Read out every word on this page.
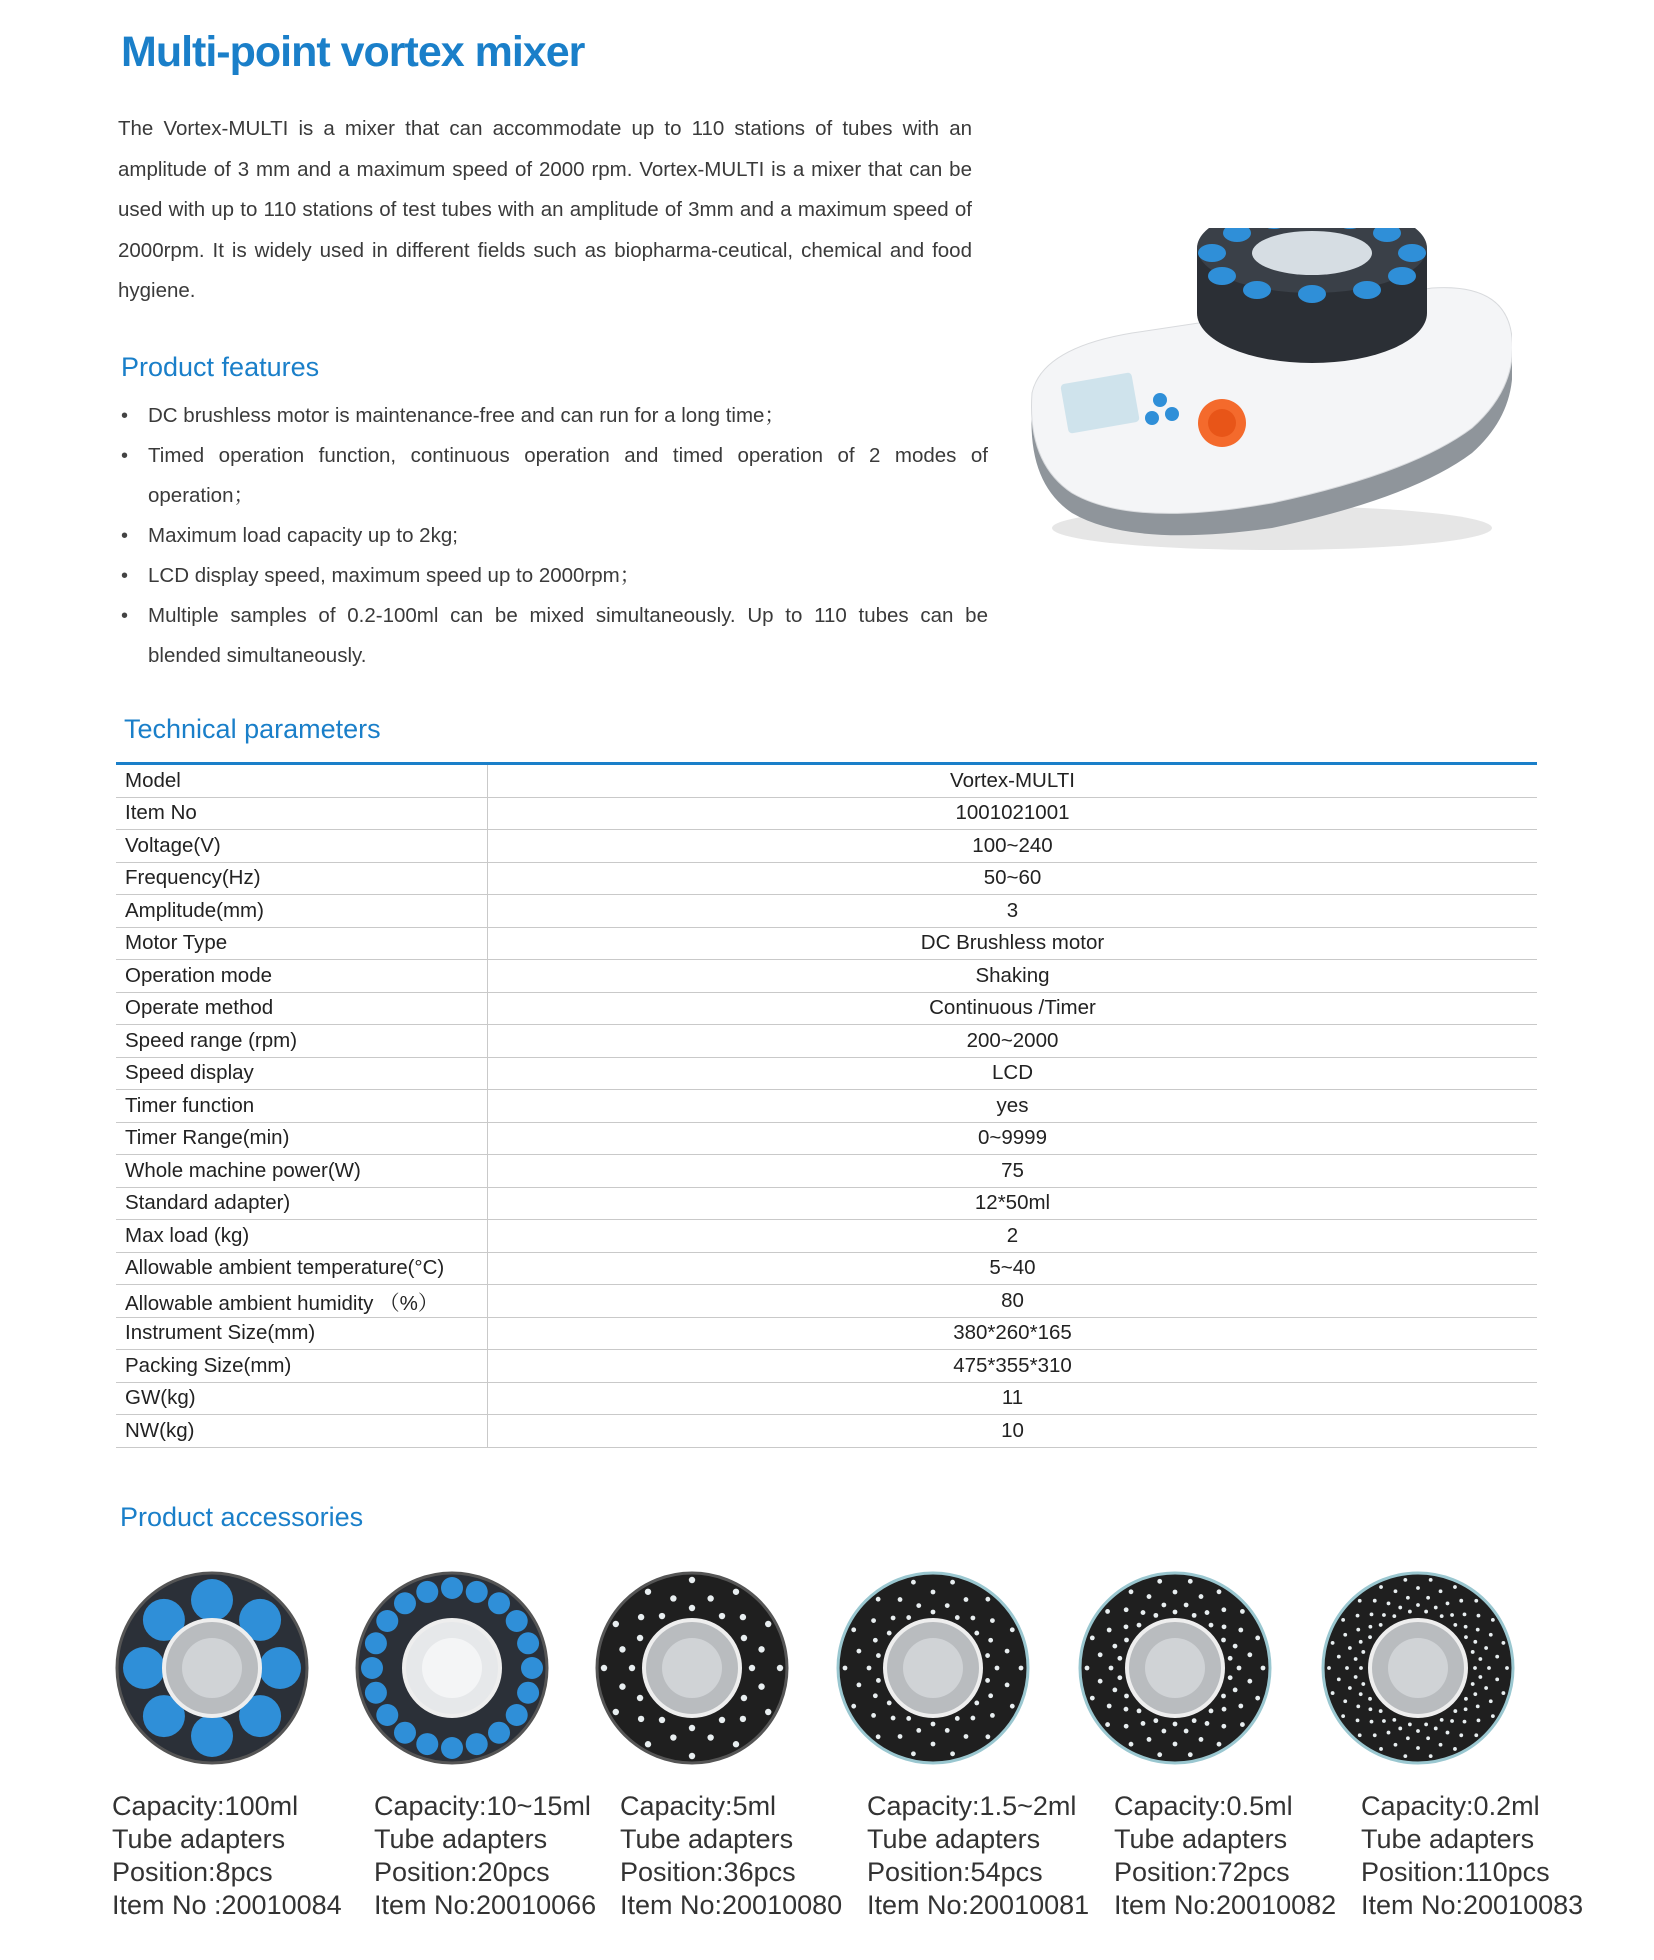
Multi-point vortex mixer

The Vortex-MULTI is a mixer that can accommodate up to 110 stations of tubes with an amplitude of 3 mm and a maximum speed of 2000 rpm. Vortex-MULTI is a mixer that can be used with up to 110 stations of test tubes with an amplitude of 3mm and a maximum speed of 2000rpm. It is widely used in different fields such as biopharma-ceutical, chemical and food hygiene.

Product features
• DC brushless motor is maintenance-free and can run for a long time；
• Timed operation function, continuous operation and timed operation of 2 modes of operation；
• Maximum load capacity up to 2kg;
• LCD display speed, maximum speed up to 2000rpm；
• Multiple samples of 0.2-100ml can be mixed simultaneously. Up to 110 tubes can be blended simultaneously.
Technical parameters
Model	Vortex-MULTI
Item No	1001021001
Voltage(V)	100~240
Frequency(Hz)	50~60
Amplitude(mm)	3
Motor Type	DC Brushless motor
Operation mode	Shaking
Operate method	Continuous /Timer
Speed range (rpm)	200~2000
Speed display	LCD
Timer function	yes
Timer Range(min)	0~9999
Whole machine power(W)	75
Standard adapter)	12*50ml
Max load (kg)	2
Allowable ambient temperature(°C)	5~40
Allowable ambient humidity （%）	80
Instrument Size(mm)	380*260*165
Packing Size(mm)	475*355*310
GW(kg)	11
NW(kg)	10
Product accessories
Capacity:100ml
Tube adapters
Position:8pcs
Item No :20010084
Capacity:10~15ml
Tube adapters
Position:20pcs
Item No:20010066
Capacity:5ml
Tube adapters
Position:36pcs
Item No:20010080
Capacity:1.5~2ml
Tube adapters
Position:54pcs
Item No:20010081
Capacity:0.5ml
Tube adapters
Position:72pcs
Item No:20010082
Capacity:0.2ml
Tube adapters
Position:110pcs
Item No:20010083
